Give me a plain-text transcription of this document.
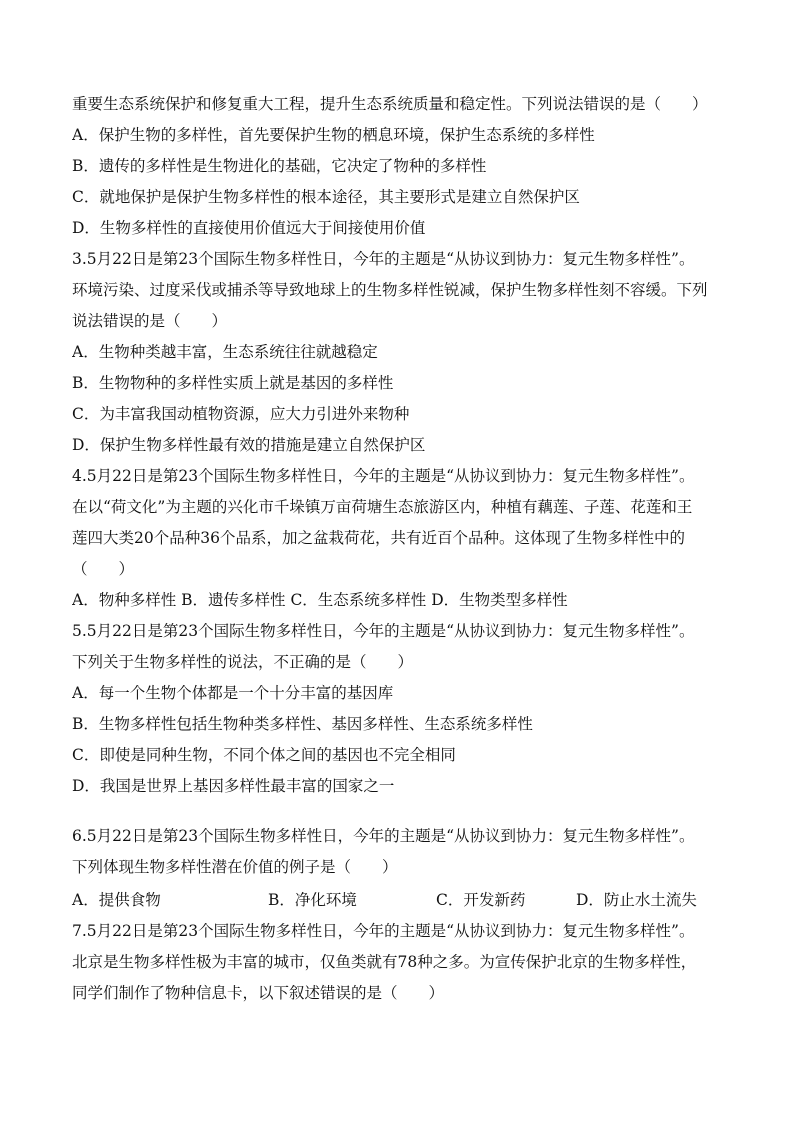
重要生态系统保护和修复重大工程，提升生态系统质量和稳定性。下列说法错误的是（　　）
A．保护生物的多样性，首先要保护生物的栖息环境，保护生态系统的多样性
B．遗传的多样性是生物进化的基础，它决定了物种的多样性
C．就地保护是保护生物多样性的根本途径，其主要形式是建立自然保护区
D．生物多样性的直接使用价值远大于间接使用价值
3.5月22日是第23个国际生物多样性日，今年的主题是“从协议到协力：复元生物多样性”。
环境污染、过度采伐或捕杀等导致地球上的生物多样性锐减，保护生物多样性刻不容缓。下列
说法错误的是（　　）
A．生物种类越丰富，生态系统往往就越稳定
B．生物物种的多样性实质上就是基因的多样性
C．为丰富我国动植物资源，应大力引进外来物种
D．保护生物多样性最有效的措施是建立自然保护区
4.5月22日是第23个国际生物多样性日，今年的主题是“从协议到协力：复元生物多样性”。
在以“荷文化”为主题的兴化市千垛镇万亩荷塘生态旅游区内，种植有藕莲、子莲、花莲和王
莲四大类20个品种36个品系，加之盆栽荷花，共有近百个品种。这体现了生物多样性中的
（　　）
A．物种多样性 B．遗传多样性 C．生态系统多样性 D．生物类型多样性
5.5月22日是第23个国际生物多样性日，今年的主题是“从协议到协力：复元生物多样性”。
下列关于生物多样性的说法，不正确的是（　　）
A．每一个生物个体都是一个十分丰富的基因库
B．生物多样性包括生物种类多样性、基因多样性、生态系统多样性
C．即使是同种生物，不同个体之间的基因也不完全相同
D．我国是世界上基因多样性最丰富的国家之一
6.5月22日是第23个国际生物多样性日，今年的主题是“从协议到协力：复元生物多样性”。
下列体现生物多样性潜在价值的例子是（　　）
A．提供食物	B．净化环境	C．开发新药	D．防止水土流失
7.5月22日是第23个国际生物多样性日，今年的主题是“从协议到协力：复元生物多样性”。
北京是生物多样性极为丰富的城市，仅鱼类就有78种之多。为宣传保护北京的生物多样性，
同学们制作了物种信息卡，以下叙述错误的是（　　）
